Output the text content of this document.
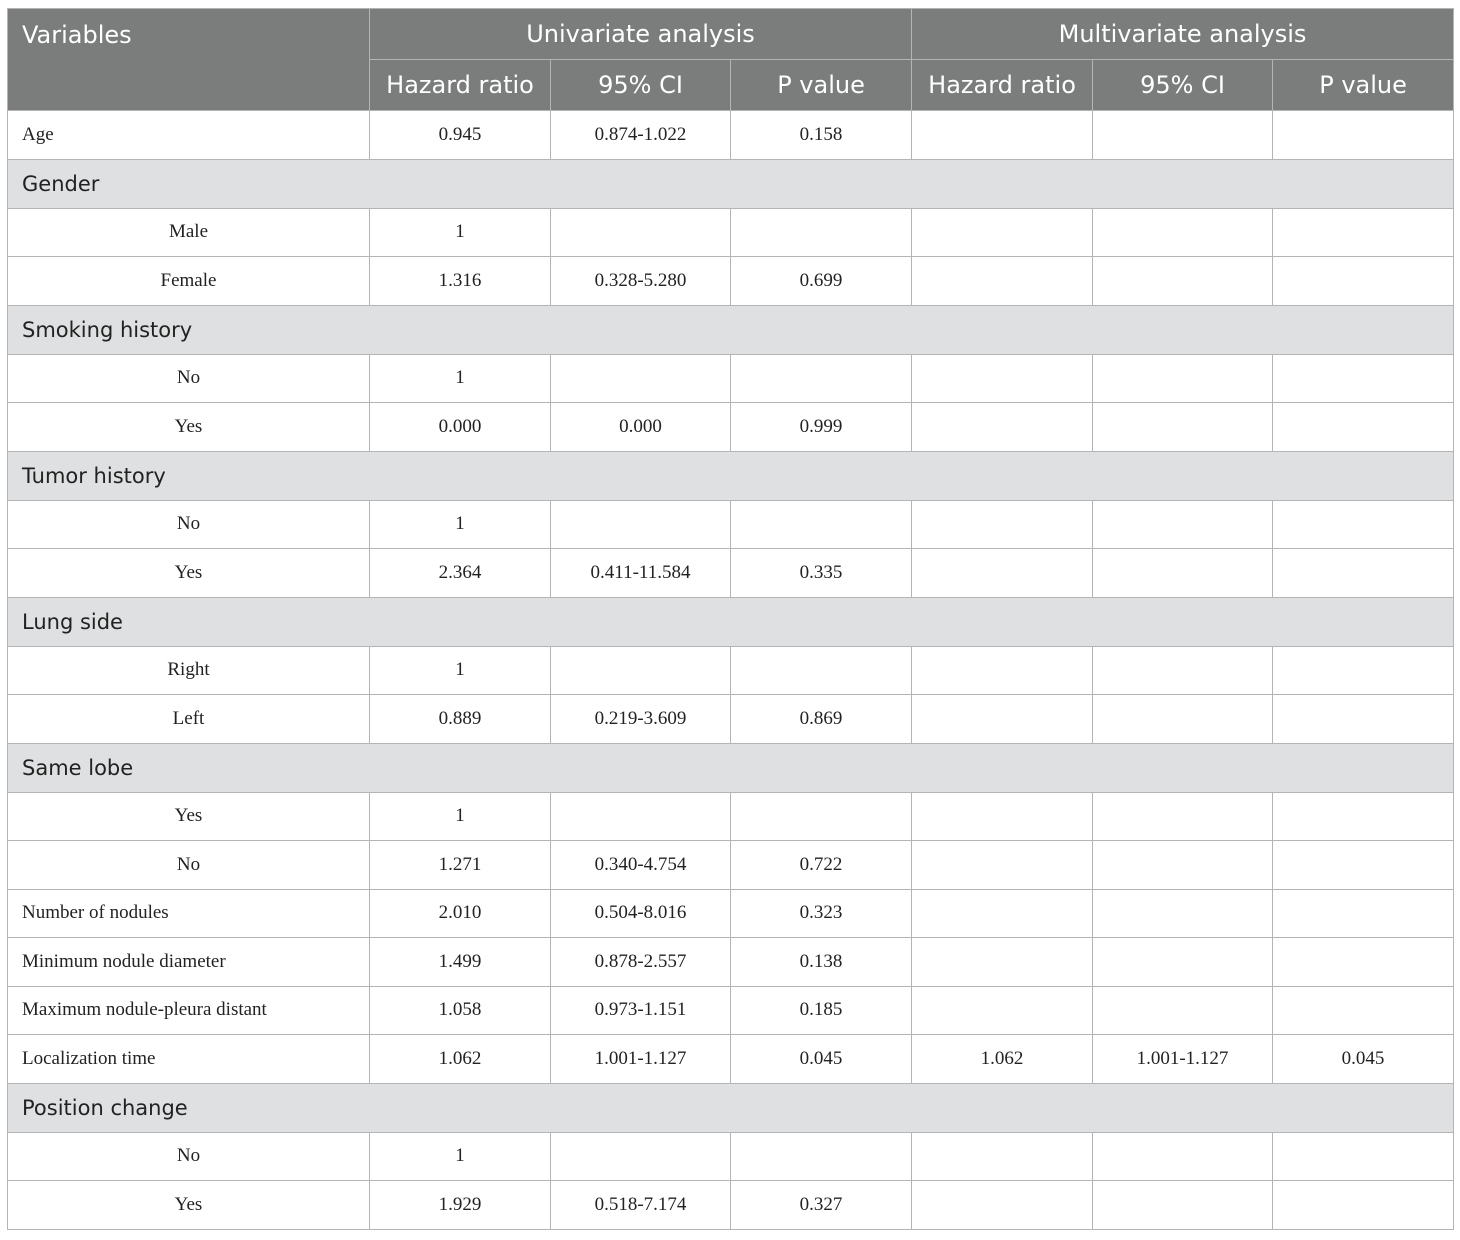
Variables	Univariate analysis			Multivariate analysis		
	Hazard ratio	95% CI	P value	Hazard ratio	95% CI	P value
Age	0.945	0.874-1.022	0.158			
Gender						
Male	1					
Female	1.316	0.328-5.280	0.699			
Smoking history						
No	1					
Yes	0.000	0.000	0.999			
Tumor history						
No	1					
Yes	2.364	0.411-11.584	0.335			
Lung side						
Right	1					
Left	0.889	0.219-3.609	0.869			
Same lobe						
Yes	1					
No	1.271	0.340-4.754	0.722			
Number of nodules	2.010	0.504-8.016	0.323			
Minimum nodule diameter	1.499	0.878-2.557	0.138			
Maximum nodule-pleura distant	1.058	0.973-1.151	0.185			
Localization time	1.062	1.001-1.127	0.045	1.062	1.001-1.127	0.045
Position change						
No	1					
Yes	1.929	0.518-7.174	0.327			
